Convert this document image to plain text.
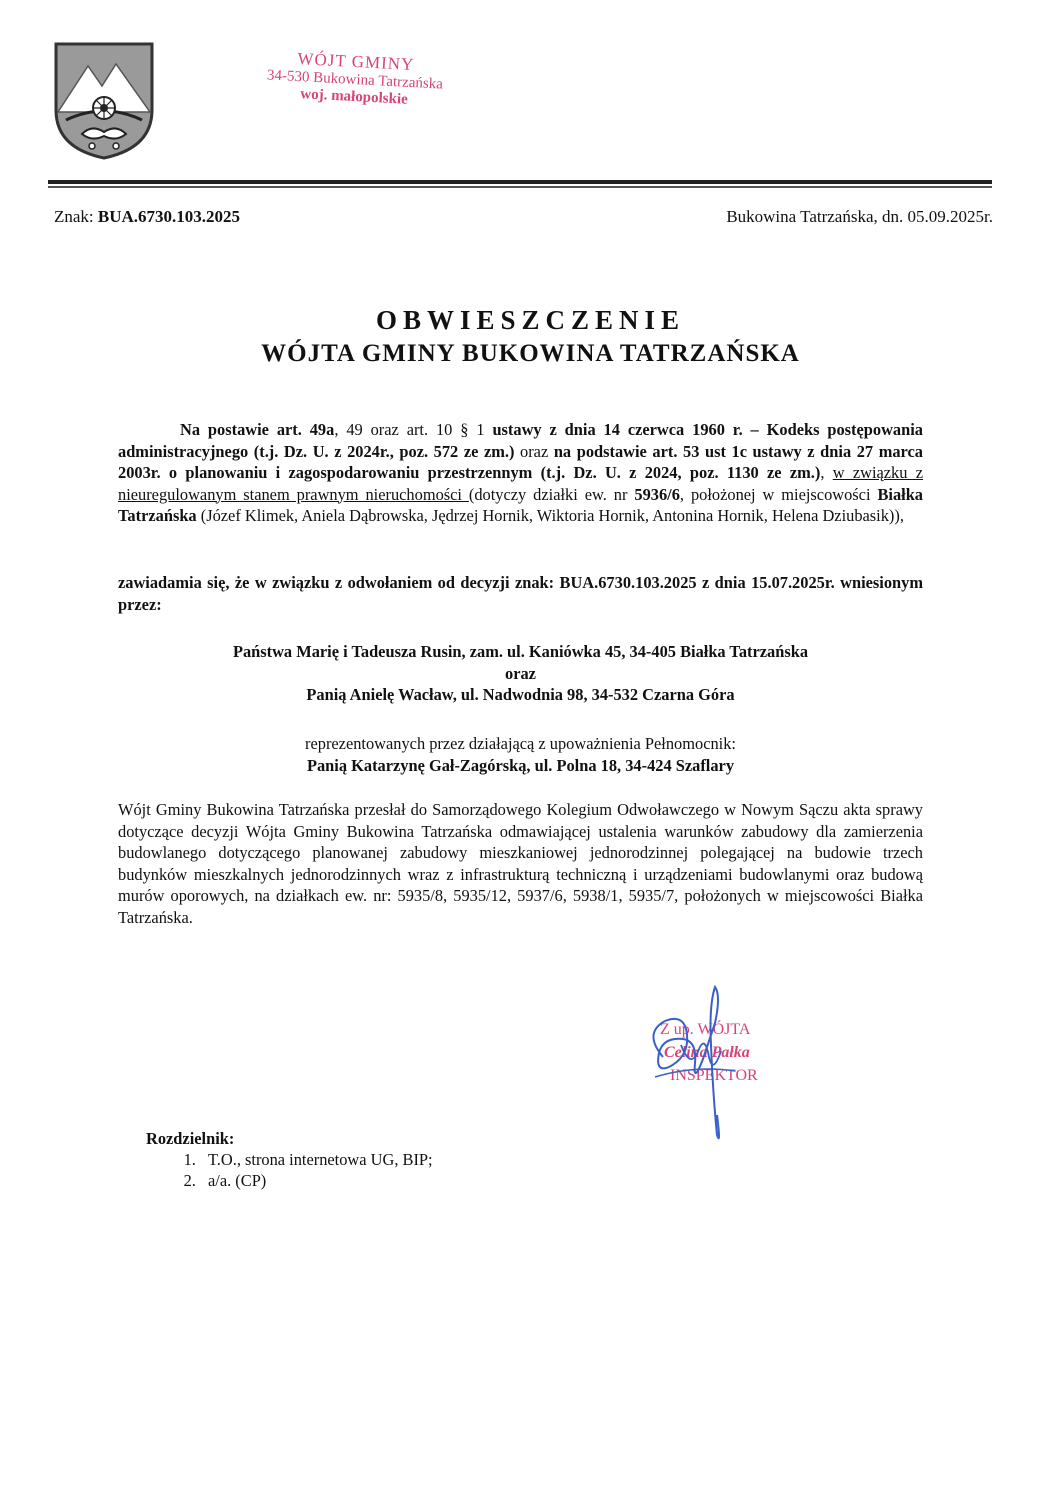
WÓJT GMINY
34-530 Bukowina Tatrzańska
woj. małopolskie
Znak: BUA.6730.103.2025	Bukowina Tatrzańska, dn. 05.09.2025r.
OBWIESZCZENIE
WÓJTA GMINY BUKOWINA TATRZAŃSKA
Na postawie art. 49a, 49 oraz art. 10 § 1 ustawy z dnia 14 czerwca 1960 r. – Kodeks postępowania administracyjnego (t.j. Dz. U. z 2024r., poz. 572 ze zm.) oraz na podstawie art. 53 ust 1c ustawy z dnia 27 marca 2003r. o planowaniu i zagospodarowaniu przestrzennym (t.j. Dz. U. z 2024, poz. 1130 ze zm.), w związku z nieuregulowanym stanem prawnym nieruchomości (dotyczy działki ew. nr 5936/6, położonej w miejscowości Białka Tatrzańska (Józef Klimek, Aniela Dąbrowska, Jędrzej Hornik, Wiktoria Hornik, Antonina Hornik, Helena Dziubasik)),
zawiadamia się, że w związku z odwołaniem od decyzji znak: BUA.6730.103.2025 z dnia 15.07.2025r. wniesionym przez:
Państwa Marię i Tadeusza Rusin, zam. ul. Kaniówka 45, 34-405 Białka Tatrzańska
oraz
Panią Anielę Wacław, ul. Nadwodnia 98, 34-532 Czarna Góra
reprezentowanych przez działającą z upoważnienia Pełnomocnik:
Panią Katarzynę Gał-Zagórską, ul. Polna 18, 34-424 Szaflary
Wójt Gminy Bukowina Tatrzańska przesłał do Samorządowego Kolegium Odwoławczego w Nowym Sączu akta sprawy dotyczące decyzji Wójta Gminy Bukowina Tatrzańska odmawiającej ustalenia warunków zabudowy dla zamierzenia budowlanego dotyczącego planowanej zabudowy mieszkaniowej jednorodzinnej polegającej na budowie trzech budynków mieszkalnych jednorodzinnych wraz z infrastrukturą techniczną i urządzeniami budowlanymi oraz budową murów oporowych, na działkach ew. nr: 5935/8, 5935/12, 5937/6, 5938/1, 5935/7, położonych w miejscowości Białka Tatrzańska.
Z up. WÓJTA
Celina Pałka
INSPEKTOR
Rozdzielnik:
1. T.O., strona internetowa UG, BIP;
2. a/a. (CP)
